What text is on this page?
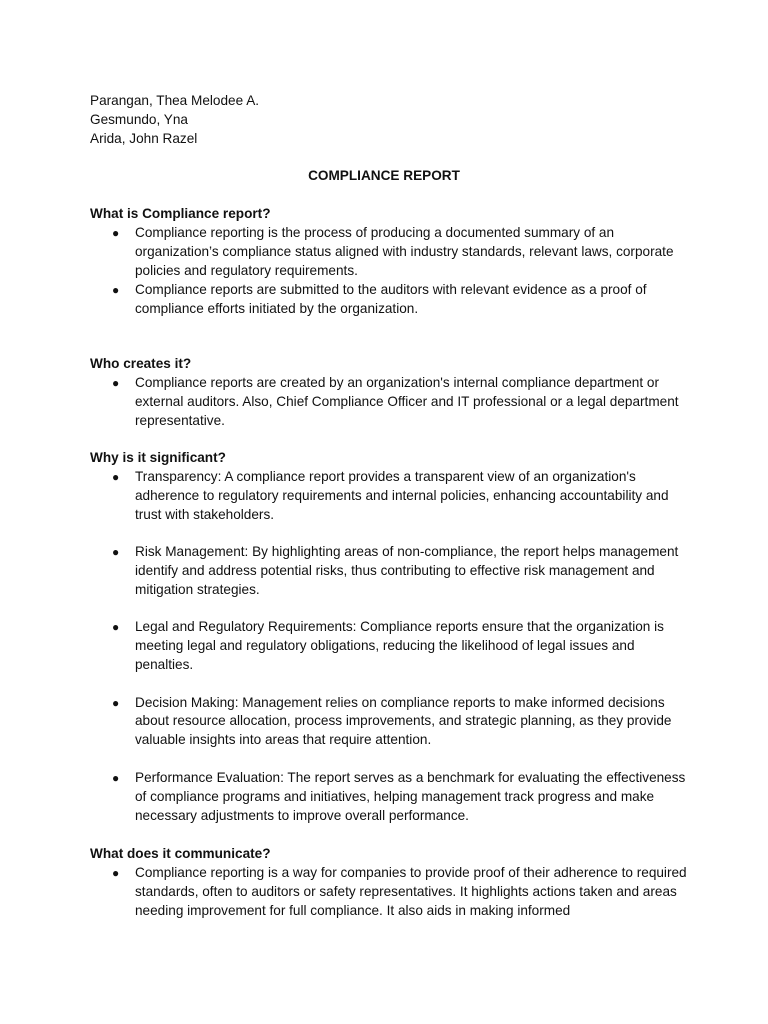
Parangan, Thea Melodee A.
Gesmundo, Yna
Arida, John Razel
COMPLIANCE REPORT

What is Compliance report?

● Compliance reporting is the process of producing a documented summary of an organization’s compliance status aligned with industry standards, relevant laws, corporate policies and regulatory requirements.
● Compliance reports are submitted to the auditors with relevant evidence as a proof of compliance efforts initiated by the organization.

Who creates it?

● Compliance reports are created by an organization's internal compliance department or external auditors. Also, Chief Compliance Officer and IT professional or a legal department representative.

Why is it significant?

● Transparency: A compliance report provides a transparent view of an organization's adherence to regulatory requirements and internal policies, enhancing accountability and trust with stakeholders.
● Risk Management: By highlighting areas of non-compliance, the report helps management identify and address potential risks, thus contributing to effective risk management and mitigation strategies.
● Legal and Regulatory Requirements: Compliance reports ensure that the organization is meeting legal and regulatory obligations, reducing the likelihood of legal issues and penalties.
● Decision Making: Management relies on compliance reports to make informed decisions about resource allocation, process improvements, and strategic planning, as they provide valuable insights into areas that require attention.
● Performance Evaluation: The report serves as a benchmark for evaluating the effectiveness of compliance programs and initiatives, helping management track progress and make necessary adjustments to improve overall performance.

What does it communicate?

● Compliance reporting is a way for companies to provide proof of their adherence to required standards, often to auditors or safety representatives. It highlights actions taken and areas needing improvement for full compliance. It also aids in making informed
